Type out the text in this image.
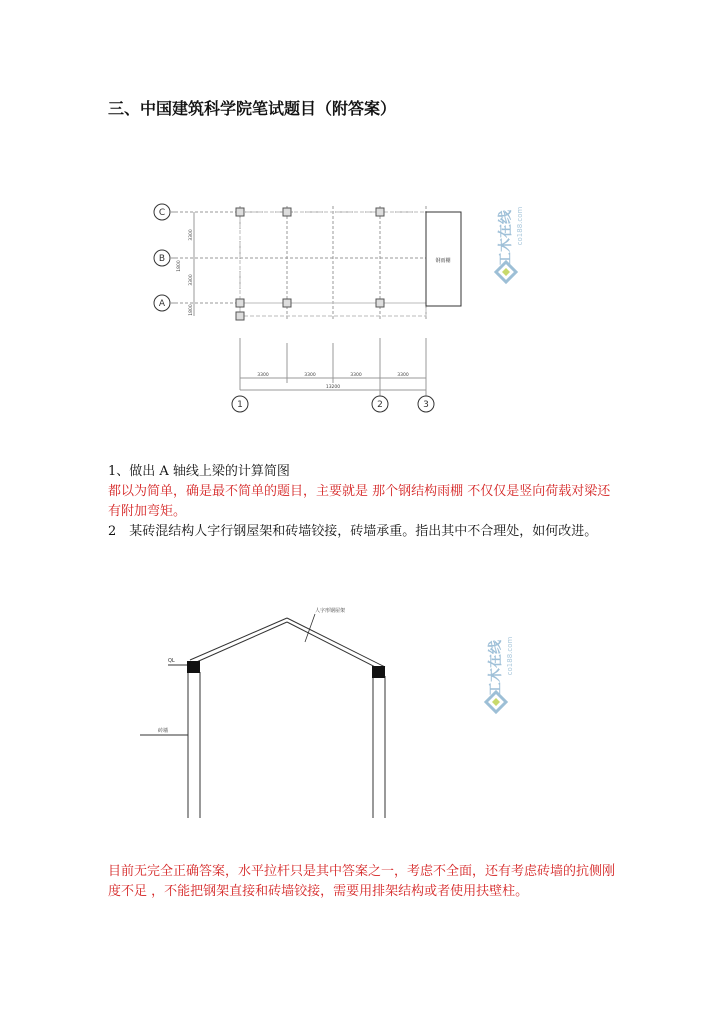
三、中国建筑科学院笔试题目（附答案）
钢雨棚
C
B
A
1	2	3
3300	3300	3300	3300
13200
3300
3300
1800
1800
工木在线 co188.com
1、做出 A 轴线上梁的计算简图
都以为简单，确是最不简单的题目，主要就是 那个钢结构雨棚 不仅仅是竖向荷载对梁还有附加弯矩。
2　某砖混结构人字行钢屋架和砖墙铰接，砖墙承重。指出其中不合理处，如何改进。
人字形钢屋架
QL
砖墙
工木在线 co188.com
目前无完全正确答案，水平拉杆只是其中答案之一，考虑不全面，还有考虑砖墙的抗侧刚度不足 ，不能把钢架直接和砖墙铰接，需要用排架结构或者使用扶壁柱。
